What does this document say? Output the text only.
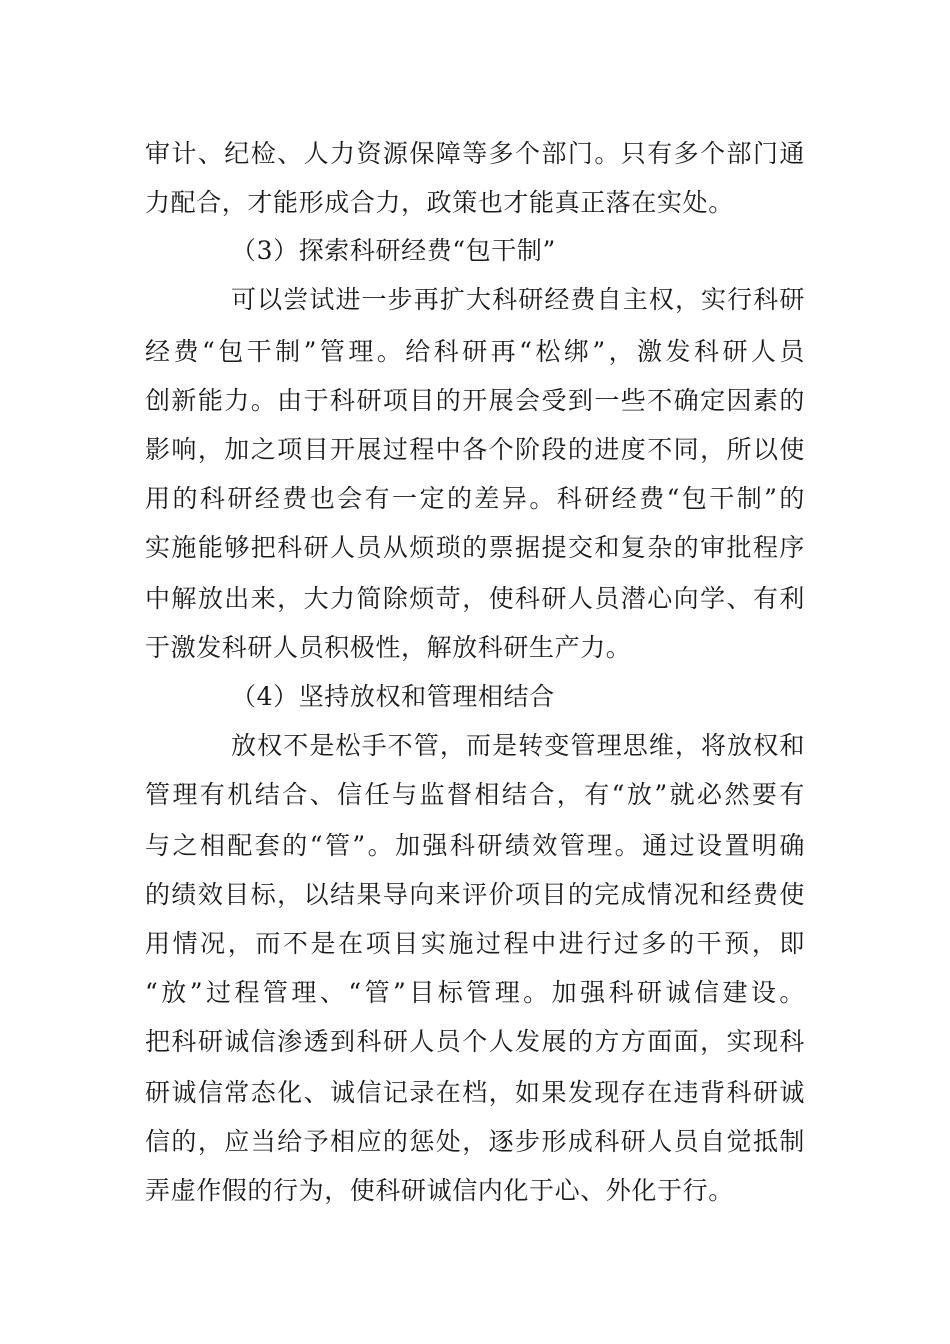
审计、纪检、人力资源保障等多个部门。只有多个部门通
力配合，才能形成合力，政策也才能真正落在实处。
（3）探索科研经费“包干制”
可以尝试进一步再扩大科研经费自主权，实行科研
经费“包干制”管理。给科研再“松绑”，激发科研人员
创新能力。由于科研项目的开展会受到一些不确定因素的
影响，加之项目开展过程中各个阶段的进度不同，所以使
用的科研经费也会有一定的差异。科研经费“包干制”的
实施能够把科研人员从烦琐的票据提交和复杂的审批程序
中解放出来，大力简除烦苛，使科研人员潜心向学、有利
于激发科研人员积极性，解放科研生产力。
（4）坚持放权和管理相结合
放权不是松手不管，而是转变管理思维，将放权和
管理有机结合、信任与监督相结合，有“放”就必然要有
与之相配套的“管”。加强科研绩效管理。通过设置明确
的绩效目标，以结果导向来评价项目的完成情况和经费使
用情况，而不是在项目实施过程中进行过多的干预，即
“放”过程管理、“管”目标管理。加强科研诚信建设。
把科研诚信渗透到科研人员个人发展的方方面面，实现科
研诚信常态化、诚信记录在档，如果发现存在违背科研诚
信的，应当给予相应的惩处，逐步形成科研人员自觉抵制
弄虚作假的行为，使科研诚信内化于心、外化于行。
